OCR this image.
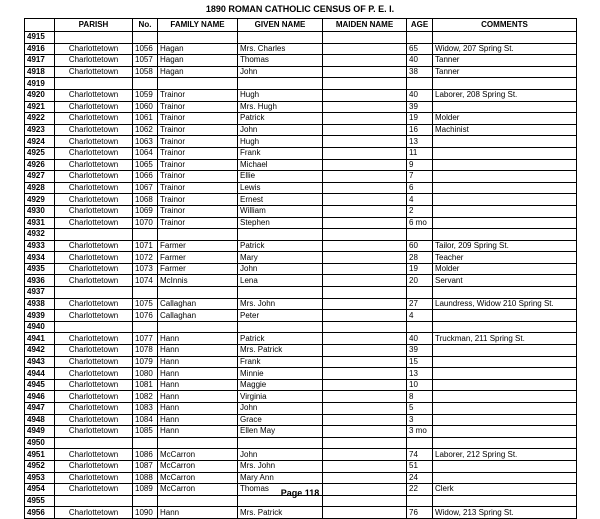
1890 ROMAN CATHOLIC CENSUS OF P. E. I.
	PARISH	No.	FAMILY NAME	GIVEN NAME	MAIDEN NAME	AGE	COMMENTS
4915							
4916	Charlottetown	1056	Hagan	Mrs. Charles		65	Widow, 207 Spring St.
4917	Charlottetown	1057	Hagan	Thomas		40	Tanner
4918	Charlottetown	1058	Hagan	John		38	Tanner
4919							
4920	Charlottetown	1059	Trainor	Hugh		40	Laborer, 208 Spring St.
4921	Charlottetown	1060	Trainor	Mrs. Hugh		39	
4922	Charlottetown	1061	Trainor	Patrick		19	Molder
4923	Charlottetown	1062	Trainor	John		16	Machinist
4924	Charlottetown	1063	Trainor	Hugh		13	
4925	Charlottetown	1064	Trainor	Frank		11	
4926	Charlottetown	1065	Trainor	Michael		9	
4927	Charlottetown	1066	Trainor	Ellie		7	
4928	Charlottetown	1067	Trainor	Lewis		6	
4929	Charlottetown	1068	Trainor	Ernest		4	
4930	Charlottetown	1069	Trainor	William		2	
4931	Charlottetown	1070	Trainor	Stephen		6 mo	
4932							
4933	Charlottetown	1071	Farmer	Patrick		60	Tailor, 209 Spring St.
4934	Charlottetown	1072	Farmer	Mary		28	Teacher
4935	Charlottetown	1073	Farmer	John		19	Molder
4936	Charlottetown	1074	McInnis	Lena		20	Servant
4937							
4938	Charlottetown	1075	Callaghan	Mrs. John		27	Laundress, Widow 210 Spring St.
4939	Charlottetown	1076	Callaghan	Peter		4	
4940							
4941	Charlottetown	1077	Hann	Patrick		40	Truckman, 211 Spring St.
4942	Charlottetown	1078	Hann	Mrs. Patrick		39	
4943	Charlottetown	1079	Hann	Frank		15	
4944	Charlottetown	1080	Hann	Minnie		13	
4945	Charlottetown	1081	Hann	Maggie		10	
4946	Charlottetown	1082	Hann	Virginia		8	
4947	Charlottetown	1083	Hann	John		5	
4948	Charlottetown	1084	Hann	Grace		3	
4949	Charlottetown	1085	Hann	Ellen May		3 mo	
4950							
4951	Charlottetown	1086	McCarron	John		74	Laborer, 212 Spring St.
4952	Charlottetown	1087	McCarron	Mrs. John		51	
4953	Charlottetown	1088	McCarron	Mary Ann		24	
4954	Charlottetown	1089	McCarron	Thomas		22	Clerk
4955							
4956	Charlottetown	1090	Hann	Mrs. Patrick		76	Widow, 213 Spring St.
Page 118
